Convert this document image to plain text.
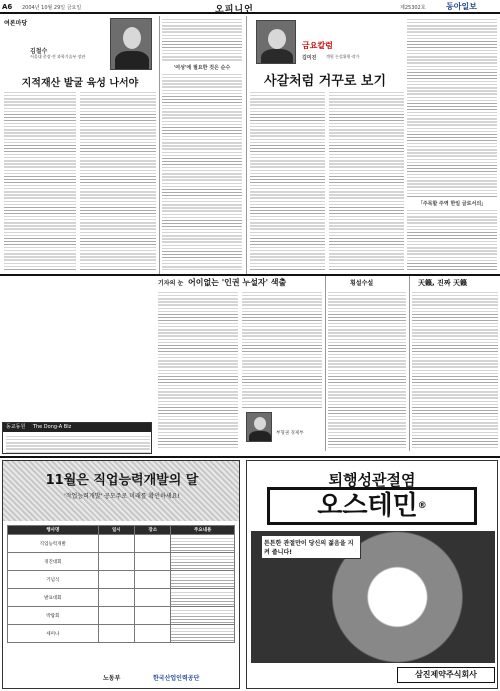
A6 2004년 10월 29일 금요일	오피니언	제25302호	동아일보
여론마당
김철수
서울대 총장·전 과학기술부 장관
지적재산 발굴 육성 나서야
'여성'에 필요한 것은 순수
금요칼럼
김미진 객원 논설위원·작가
사갈처럼 거꾸로 보기
「주목할 주역 한일 글로서의」
기자의 눈 어이없는 '인권 누설자' 색출
부형권 경제부
횡설수설	天籟, 진짜 天籟
동교동원 The Dong-A Blz
11월은 직업능력개발의 달
'작업능력개발' 공모주로 미래를 확인하세요!
행사명	일시	장소	주요내용
직업능력개발			
경진대회			
기념식			
발표대회			
박람회			
세미나			
노동부	한국산업인력공단
퇴행성관절염
오스테민®
튼튼한 관절만이 당신의 젊음을 지켜 줍니다!
삼진제약주식회사
